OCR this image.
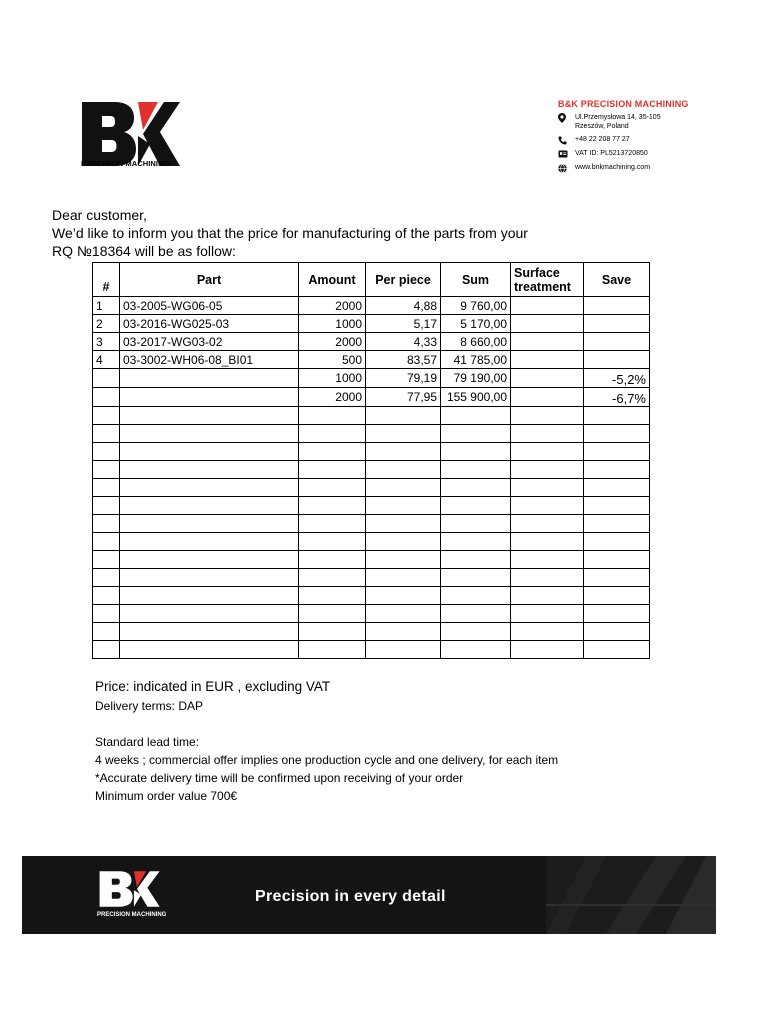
PRECISION MACHINING
B&K PRECISION MACHINING
Ul.Przemysłowa 14, 35-105
Rzeszów, Poland
+48 22 208 77 27
VAT ID: PL5213720850
www.bnkmachining.com
Dear customer,
We’d like to inform you that the price for manufacturing of the parts from your
RQ №18364 will be as follow:
#	Part	Amount	Per piece	Sum	Surface treatment	Save
1	03-2005-WG06-05	2000	4,88	9 760,00		
2	03-2016-WG025-03	1000	5,17	5 170,00		
3	03-2017-WG03-02	2000	4,33	8 660,00		
4	03-3002-WH06-08_BI01	500	83,57	41 785,00		
		1000	79,19	79 190,00		-5,2%
		2000	77,95	155 900,00		-6,7%

Price: indicated in EUR , excluding VAT
Delivery terms: DAP
Standard lead time:
4 weeks ; commercial offer implies one production cycle and one delivery, for each item
*Accurate delivery time will be confirmed upon receiving of your order
Minimum order value 700€
PRECISION MACHINING
Precision in every detail
